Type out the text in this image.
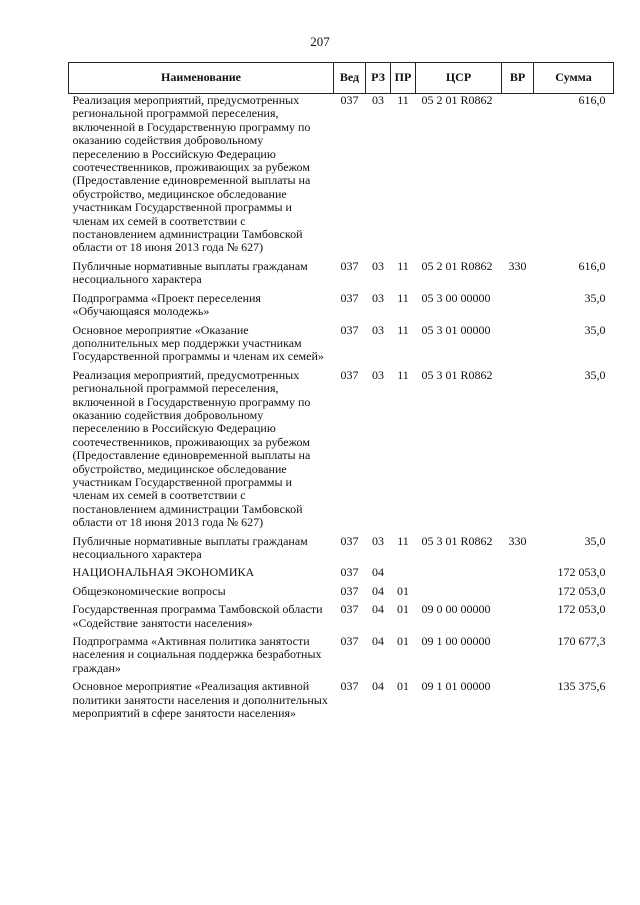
207
Наименование	Вед	РЗ	ПР	ЦСР	ВР	Сумма
Реализация мероприятий, предусмотренных региональной программой переселения, включенной в Государственную программу по оказанию содействия добровольному переселению в Российскую Федерацию соотечественников, проживающих за рубежом (Предоставление единовременной выплаты на обустройство, медицинское обследование участникам Государственной программы и членам их семей в соответствии с постановлением администрации Тамбовской области от 18 июня 2013 года № 627)	037	03	11	05 2 01 R0862		616,0
Публичные нормативные выплаты гражданам несоциального характера	037	03	11	05 2 01 R0862	330	616,0
Подпрограмма «Проект переселения «Обучающаяся молодежь»	037	03	11	05 3 00 00000		35,0
Основное мероприятие «Оказание дополнительных мер поддержки участникам Государственной программы и членам их семей»	037	03	11	05 3 01 00000		35,0
Реализация мероприятий, предусмотренных региональной программой переселения, включенной в Государственную программу по оказанию содействия добровольному переселению в Российскую Федерацию соотечественников, проживающих за рубежом (Предоставление единовременной выплаты на обустройство, медицинское обследование участникам Государственной программы и членам их семей в соответствии с постановлением администрации Тамбовской области от 18 июня 2013 года № 627)	037	03	11	05 3 01 R0862		35,0
Публичные нормативные выплаты гражданам несоциального характера	037	03	11	05 3 01 R0862	330	35,0
НАЦИОНАЛЬНАЯ ЭКОНОМИКА	037	04				172 053,0
Общеэкономические вопросы	037	04	01			172 053,0
Государственная программа Тамбовской области «Содействие занятости населения»	037	04	01	09 0 00 00000		172 053,0
Подпрограмма «Активная политика занятости населения и социальная поддержка безработных граждан»	037	04	01	09 1 00 00000		170 677,3
Основное мероприятие «Реализация активной политики занятости населения и дополнительных мероприятий в сфере занятости населения»	037	04	01	09 1 01 00000		135 375,6
